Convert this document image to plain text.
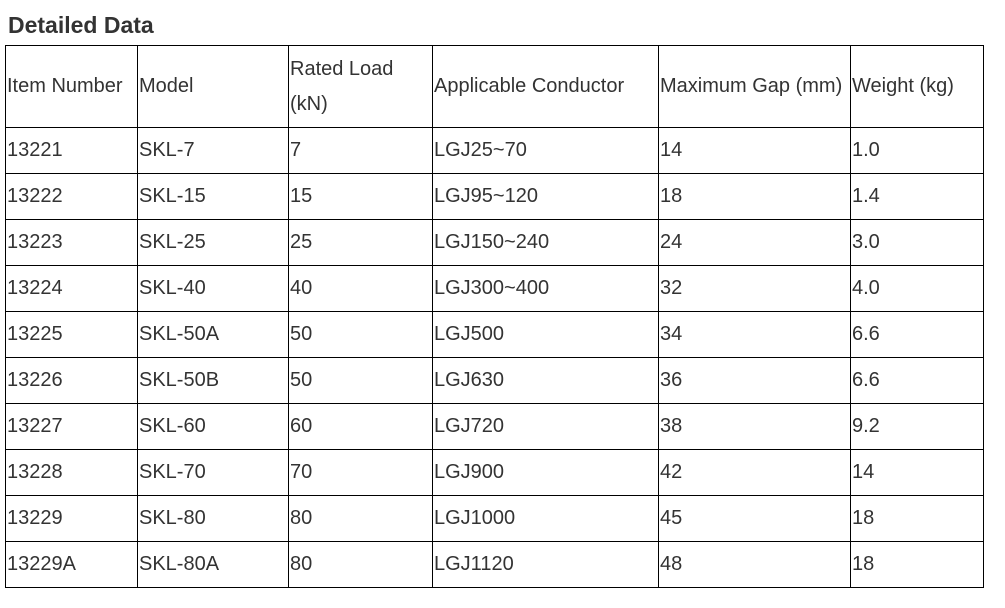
Detailed Data
Item Number	Model	Rated Load (kN)	Applicable Conductor	Maximum Gap (mm)	Weight (kg)
13221	SKL-7	7	LGJ25~70	14	1.0
13222	SKL-15	15	LGJ95~120	18	1.4
13223	SKL-25	25	LGJ150~240	24	3.0
13224	SKL-40	40	LGJ300~400	32	4.0
13225	SKL-50A	50	LGJ500	34	6.6
13226	SKL-50B	50	LGJ630	36	6.6
13227	SKL-60	60	LGJ720	38	9.2
13228	SKL-70	70	LGJ900	42	14
13229	SKL-80	80	LGJ1000	45	18
13229A	SKL-80A	80	LGJ1120	48	18
